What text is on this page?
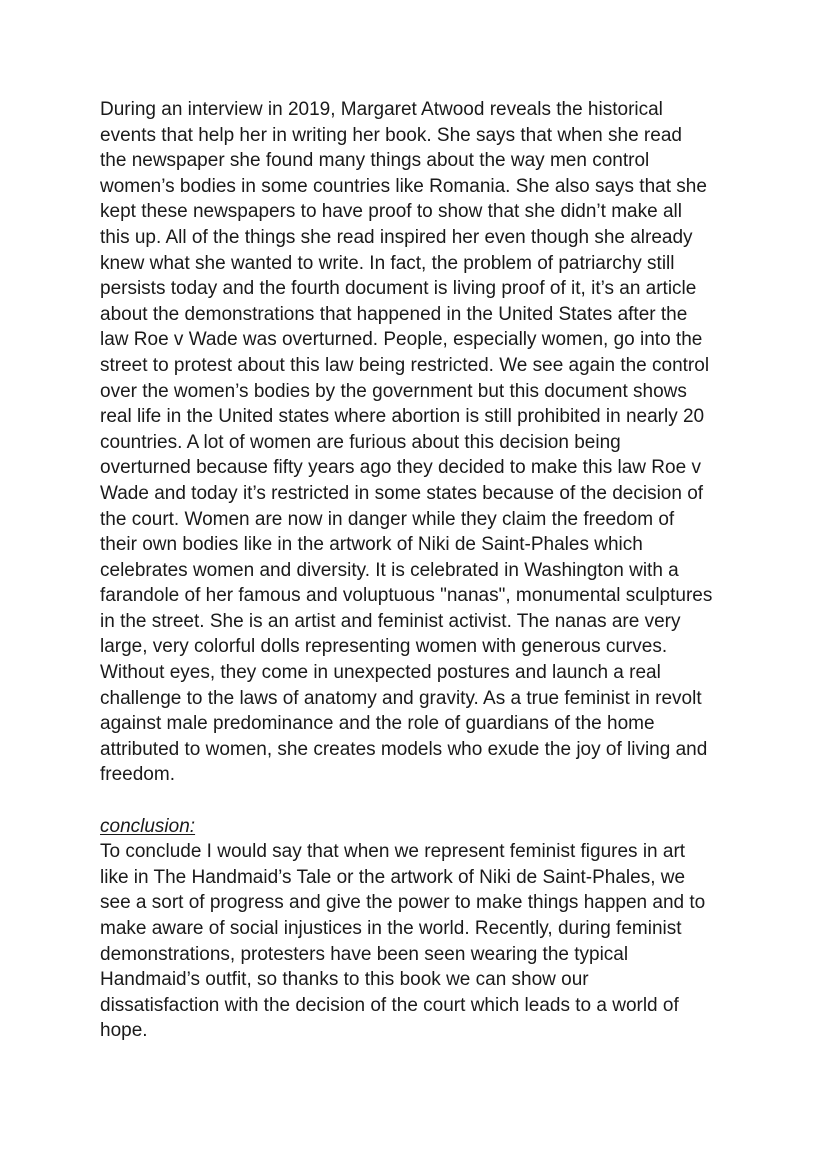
During an interview in 2019, Margaret Atwood reveals the historical
events that help her in writing her book. She says that when she read
the newspaper she found many things about the way men control
women’s bodies in some countries like Romania. She also says that she
kept these newspapers to have proof to show that she didn’t make all
this up. All of the things she read inspired her even though she already
knew what she wanted to write. In fact, the problem of patriarchy still
persists today and the fourth document is living proof of it, it’s an article
about the demonstrations that happened in the United States after the
law Roe v Wade was overturned. People, especially women, go into the
street to protest about this law being restricted. We see again the control
over the women’s bodies by the government but this document shows
real life in the United states where abortion is still prohibited in nearly 20
countries. A lot of women are furious about this decision being
overturned because fifty years ago they decided to make this law Roe v
Wade and today it’s restricted in some states because of the decision of
the court. Women are now in danger while they claim the freedom of
their own bodies like in the artwork of Niki de Saint-Phales which
celebrates women and diversity. It is celebrated in Washington with a
farandole of her famous and voluptuous "nanas", monumental sculptures
in the street. She is an artist and feminist activist. The nanas are very
large, very colorful dolls representing women with generous curves.
Without eyes, they come in unexpected postures and launch a real
challenge to the laws of anatomy and gravity. As a true feminist in revolt
against male predominance and the role of guardians of the home
attributed to women, she creates models who exude the joy of living and
freedom.
conclusion:
To conclude I would say that when we represent feminist figures in art
like in The Handmaid’s Tale or the artwork of Niki de Saint-Phales, we
see a sort of progress and give the power to make things happen and to
make aware of social injustices in the world. Recently, during feminist
demonstrations, protesters have been seen wearing the typical
Handmaid’s outfit, so thanks to this book we can show our
dissatisfaction with the decision of the court which leads to a world of
hope.
